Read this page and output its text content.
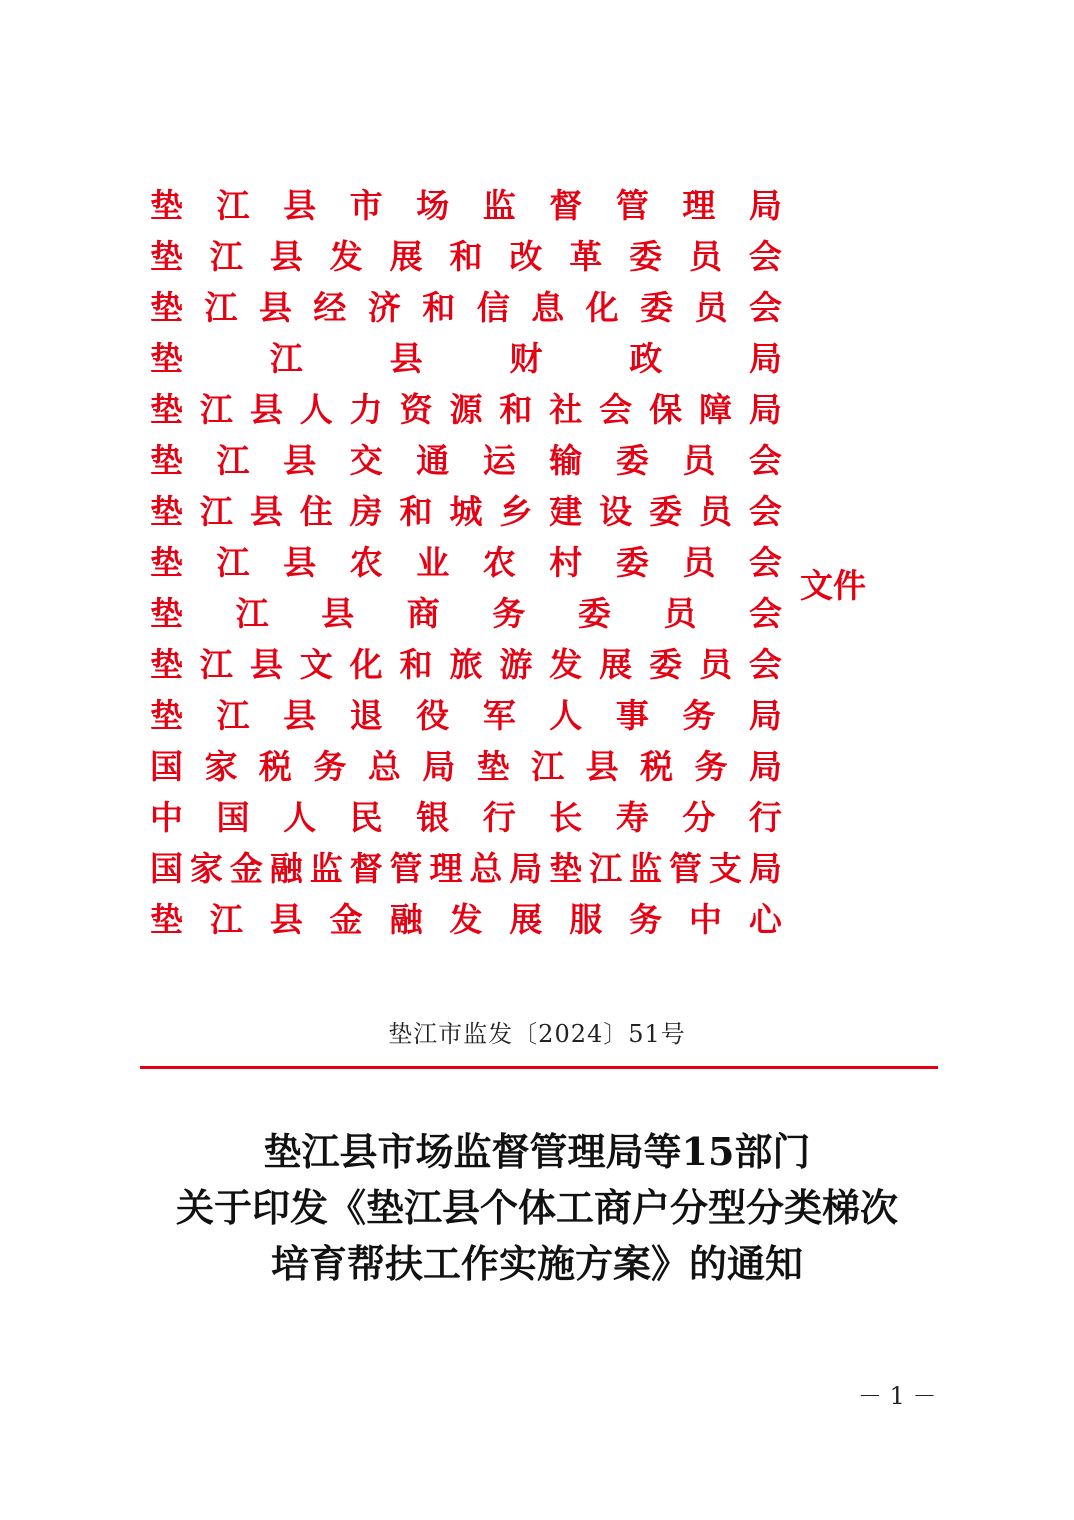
垫 江 县 市 场 监 督 管 理 局
垫 江 县 发 展 和 改 革 委 员 会
垫 江 县 经 济 和 信 息 化 委 员 会
垫	江	县	财	政	局
垫 江 县 人 力 资 源 和 社 会 保 障 局
垫 江 县 交 通 运 输 委 员 会
垫 江 县 住 房 和 城 乡 建 设 委 员 会
垫 江 县 农 业 农 村 委 员 会
垫 江 县 商 务 委 员 会
垫 江 县 文 化 和 旅 游 发 展 委 员 会
垫 江 县 退 役 军 人 事 务 局
国 家 税 务 总 局 垫 江 县 税 务 局
中 国 人 民 银 行 长 寿 分 行
国 家 金 融 监 督 管 理 总 局 垫 江 监 管 支 局
垫 江 县 金 融 发 展 服 务 中 心
文件
垫江市监发〔2024〕51号
垫江县市场监督管理局等15部门
关于印发《垫江县个体工商户分型分类梯次
培育帮扶工作实施方案》的通知
－ 1 －
